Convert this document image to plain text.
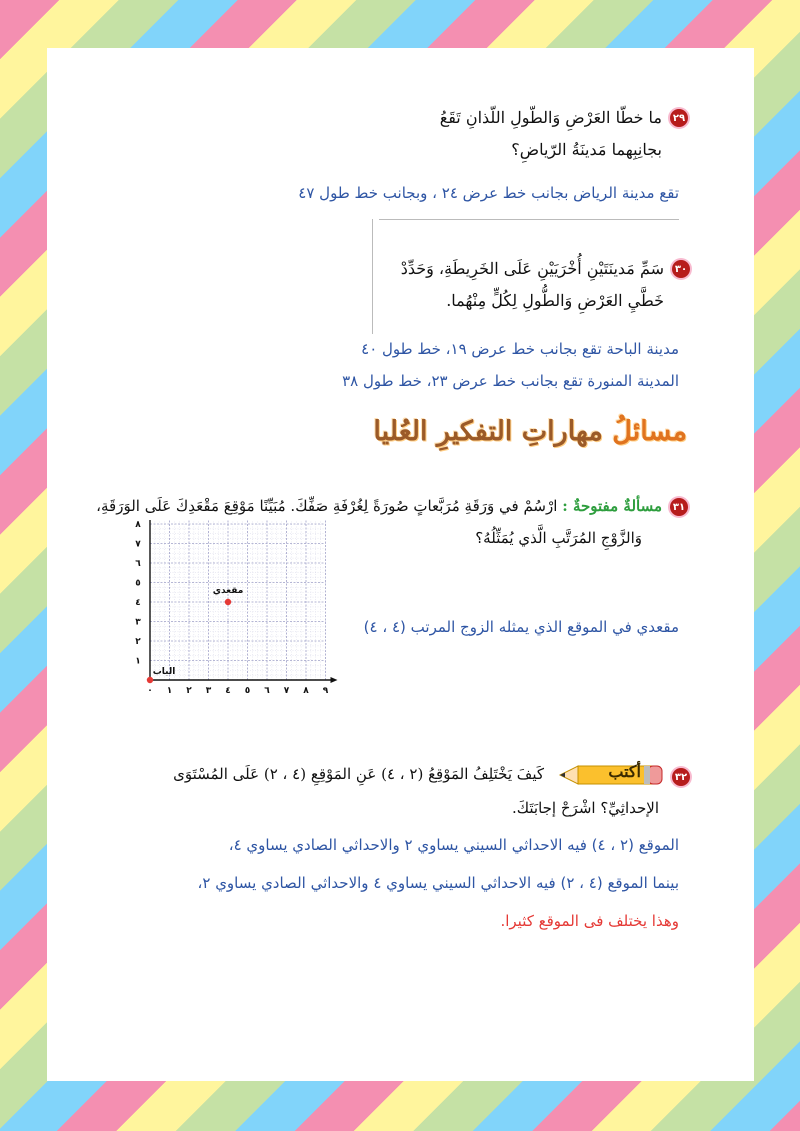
٢٩
ما خطّا العَرْضِ وَالطّولِ اللّذانِ تَقَعُ
بجانِبِهما مَدينَةُ الرّياضِ؟
تقع مدينة الرياض بجانب خط عرض ٢٤ ، وبجانب خط طول ٤٧
٣٠
سَمِّ مَدينَتَيْنِ أُخْرَيَيْنِ عَلَى الخَرِيطَةِ، وَحَدِّدْ
خَطَّيِ العَرْضِ وَالطُّولِ لِكُلٍّ مِنْهُما.
مدينة الباحة تقع بجانب خط عرض ١٩، خط طول ٤٠
المدينة المنورة تقع بجانب خط عرض ٢٣، خط طول ٣٨
مسائلُ مهاراتِ التفكيرِ العُليا
٣١
مسألةٌ مفتوحةٌ : ارْسُمْ في وَرَقَةِ مُرَبَّعاتٍ صُورَةً لِغُرْفَةِ صَفِّكَ. مُبَيِّنًا مَوْقِعَ مَقْعَدِكَ عَلَى الوَرَقَةِ،
وَالزَّوْجِ المُرَتَّبِ الَّذي يُمَثِّلُهُ؟
مقعدي في الموقع الذي يمثله الزوج المرتب (٤ ، ٤)
٠ ١ ٢ ٣ ٤ ٥ ٦ ٧ ٨ ٩
١
٢
٣
٤
٥
٦
٧
٨
الباب
مقعدي
٣٢
أكتب
كَيفَ يَخْتَلِفُ المَوْقِعُ (٢ ، ٤) عَنِ المَوْقِعِ (٤ ، ٢) عَلَى المُسْتَوَى
الإحداثِيِّ؟ اشْرَحْ إجابَتَكَ.
الموقع (٢ ، ٤) فيه الاحداثي السيني يساوي ٢ والاحداثي الصادي يساوي ٤،
بينما الموقع (٤ ، ٢) فيه الاحداثي السيني يساوي ٤ والاحداثي الصادي يساوي ٢،
وهذا يختلف فى الموقع كثيرا.
